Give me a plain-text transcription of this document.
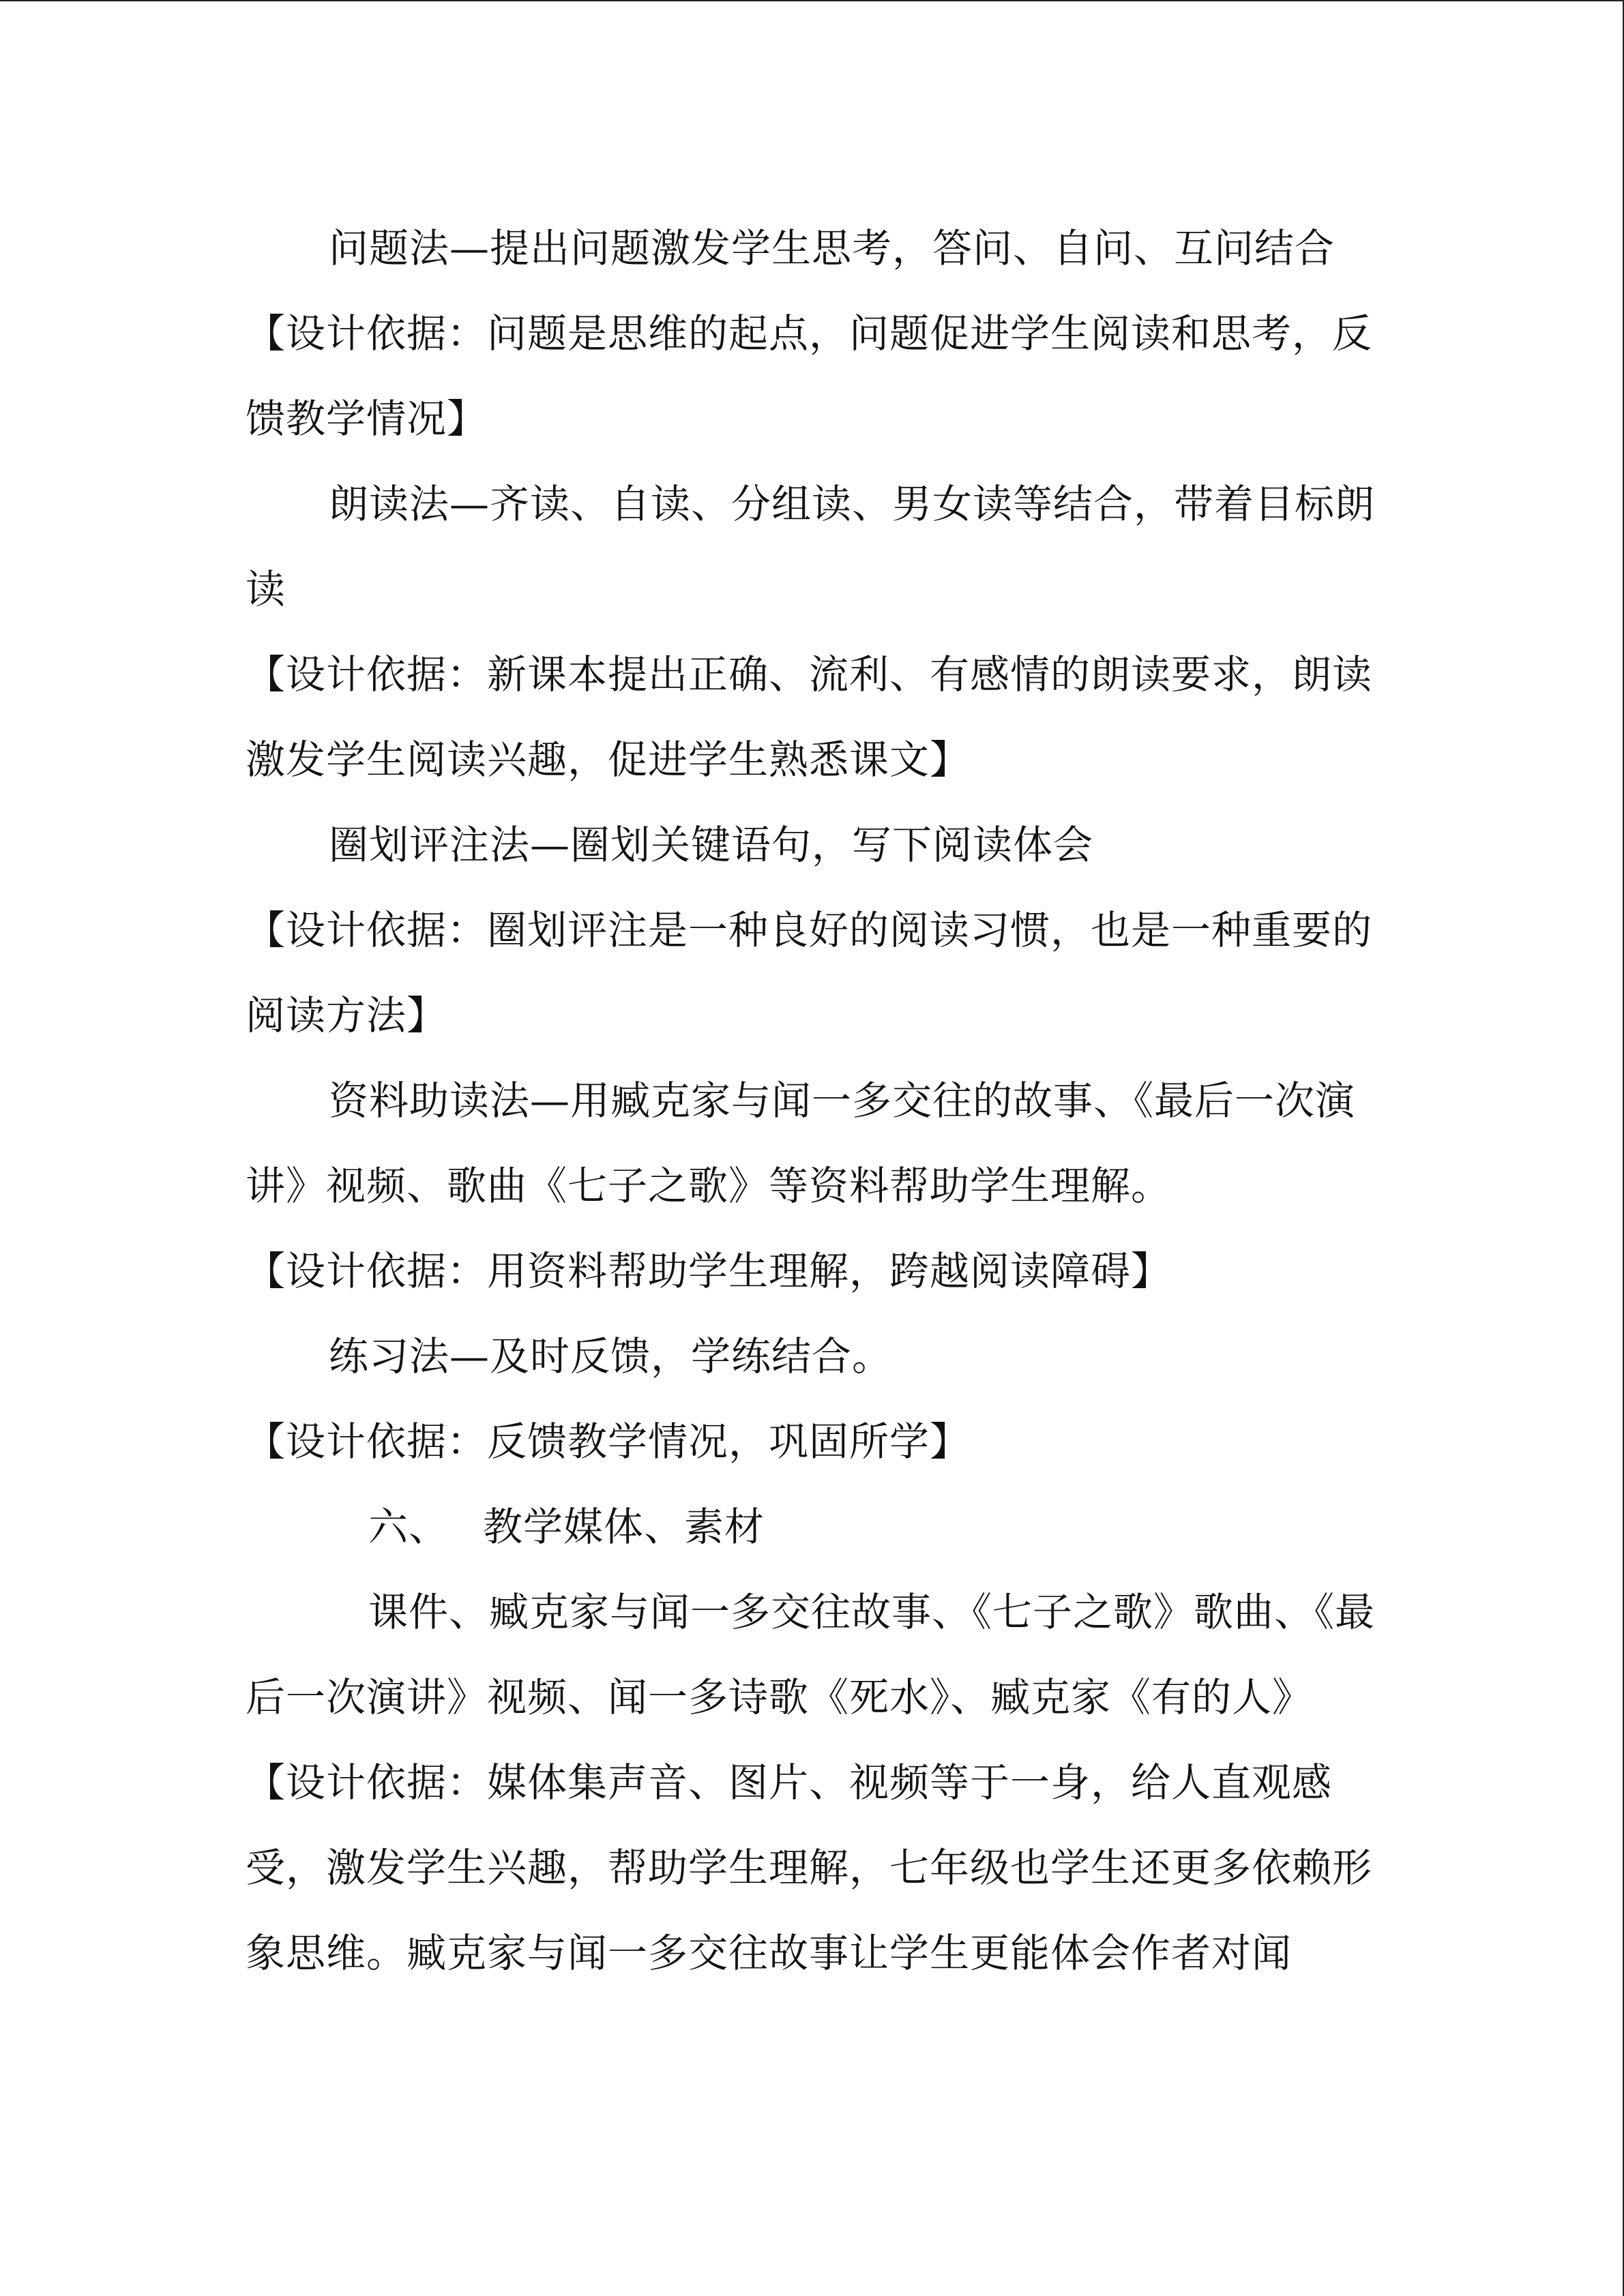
问题法—提出问题激发学生思考，答问、自问、互问结合

【设计依据：问题是思维的起点，问题促进学生阅读和思考，反馈教学情况】

朗读法—齐读、自读、分组读、男女读等结合，带着目标朗读

【设计依据：新课本提出正确、流利、有感情的朗读要求，朗读激发学生阅读兴趣，促进学生熟悉课文】

圈划评注法—圈划关键语句，写下阅读体会

【设计依据：圈划评注是一种良好的阅读习惯，也是一种重要的阅读方法】

资料助读法—用臧克家与闻一多交往的故事、《最后一次演讲》视频、歌曲《七子之歌》等资料帮助学生理解。

【设计依据：用资料帮助学生理解，跨越阅读障碍】

练习法—及时反馈，学练结合。

【设计依据：反馈教学情况，巩固所学】

六、 教学媒体、素材

课件、臧克家与闻一多交往故事、《七子之歌》歌曲、《最后一次演讲》视频、闻一多诗歌《死水》、臧克家《有的人》

【设计依据：媒体集声音、图片、视频等于一身，给人直观感受，激发学生兴趣，帮助学生理解，七年级也学生还更多依赖形象思维。臧克家与闻一多交往故事让学生更能体会作者对闻
